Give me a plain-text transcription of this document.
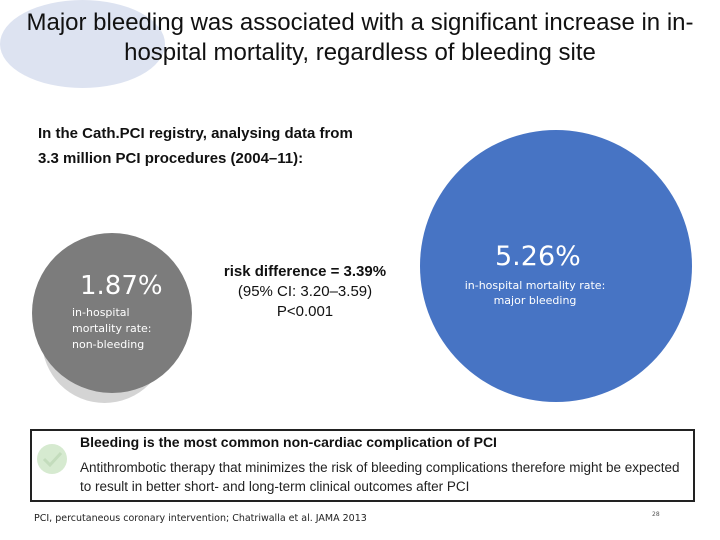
Major bleeding was associated with a significant increase in in-hospital mortality, regardless of bleeding site
In the Cath.PCI registry, analysing data from
3.3 million PCI procedures (2004–11):
1.87%
in-hospital
mortality rate:
non-bleeding
risk difference = 3.39%
(95% CI: 3.20–3.59)
P<0.001
5.26%
in-hospital mortality rate:
major bleeding
Bleeding is the most common non-cardiac complication of PCI
Antithrombotic therapy that minimizes the risk of bleeding complications therefore might be expected to result in better short- and long-term clinical outcomes after PCI
PCI, percutaneous coronary intervention; Chatriwalla et al. JAMA 2013	28
